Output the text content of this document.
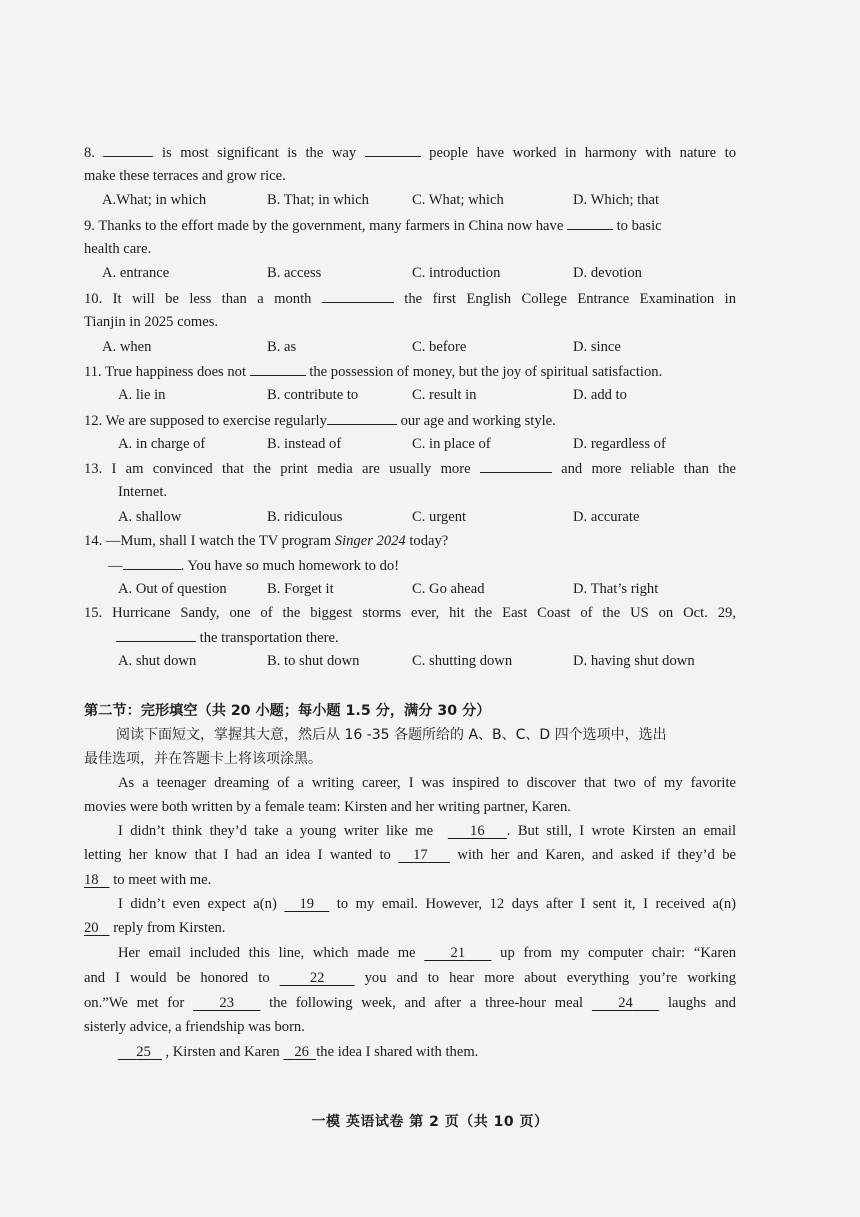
8.	is most significant is the way	people have worked in harmony with nature to
make these terraces and grow rice.
A.What; in which	B. That; in which	C. What; which	D. Which; that
9. Thanks to the effort made by the government, many farmers in China now have	to basic
health care.
A. entrance	B. access	C. introduction	D. devotion
10. It will be less than a month	the first English College Entrance Examination in
Tianjin in 2025 comes.
A. when	B. as	C. before	D. since
11. True happiness does not	the possession of money, but the joy of spiritual satisfaction.
A. lie in	B. contribute to	C. result in	D. add to
12. We are supposed to exercise regularly	our age and working style.
A. in charge of	B. instead of	C. in place of	D. regardless of
13. I am convinced that the print media are usually more	and more reliable than the
Internet.
A. shallow	B. ridiculous	C. urgent	D. accurate
14. —Mum, shall I watch the TV program Singer 2024 today?
—	. You have so much homework to do!
A. Out of question	B. Forget it	C. Go ahead	D. That’s right
15. Hurricane Sandy, one of the biggest storms ever, hit the East Coast of the US on Oct. 29,
the transportation there.
A. shut down	B. to shut down	C. shutting down	D. having shut down
第二节：完形填空（共 20 小题；每小题 1.5 分，满分 30 分）
阅读下面短文，掌握其大意，然后从 16 -35 各题所给的 A、B、C、D 四个选项中，选出
最佳选项，并在答题卡上将该项涂黑。
As a teenager dreaming of a writing career, I was inspired to discover that two of my favorite
movies were both written by a female team: Kirsten and her writing partner, Karen.
I didn’t think they’d take a young writer like me	16 . But still, I wrote Kirsten an email
letting her know that I had an idea I wanted to   17    with her and Karen, and asked if they’d be
18    to meet with me.
I didn’t even expect a(n)   19   to my email. However, 12 days after I sent it, I received a(n)
20    reply from Kirsten.
Her email included this line, which made me    21    up from my computer chair: “Karen
and I would be honored to    22    you and to hear more about everything you’re working
on.”We met for    23    the following week, and after a three-hour meal    24    laughs and
sisterly advice, a friendship was born.
25    , Kirsten and Karen    26 the idea I shared with them.
一模 英语试卷 第 2 页（共 10 页）
